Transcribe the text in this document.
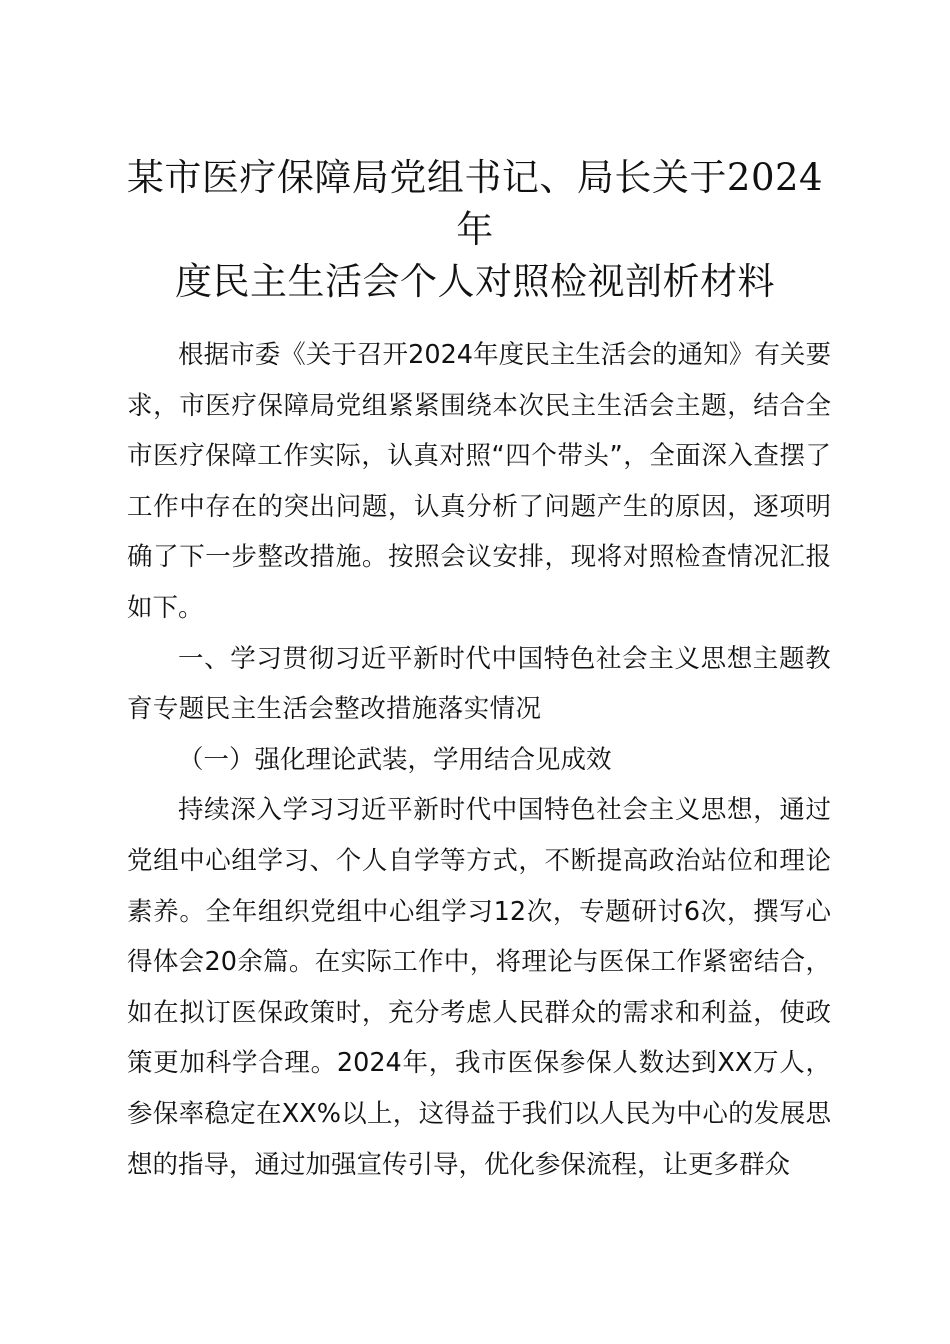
某市医疗保障局党组书记、局长关于2024年
度民主生活会个人对照检视剖析材料

根据市委《关于召开2024年度民主生活会的通知》有关要求，市医疗保障局党组紧紧围绕本次民主生活会主题，结合全市医疗保障工作实际，认真对照“四个带头”，全面深入查摆了工作中存在的突出问题，认真分析了问题产生的原因，逐项明确了下一步整改措施。按照会议安排，现将对照检查情况汇报如下。

一、学习贯彻习近平新时代中国特色社会主义思想主题教育专题民主生活会整改措施落实情况

（一）强化理论武装，学用结合见成效

持续深入学习习近平新时代中国特色社会主义思想，通过党组中心组学习、个人自学等方式，不断提高政治站位和理论素养。全年组织党组中心组学习12次，专题研讨6次，撰写心得体会20余篇。在实际工作中，将理论与医保工作紧密结合，如在拟订医保政策时，充分考虑人民群众的需求和利益，使政策更加科学合理。2024年，我市医保参保人数达到XX万人，参保率稳定在XX%以上，这得益于我们以人民为中心的发展思想的指导，通过加强宣传引导，优化参保流程，让更多群众
